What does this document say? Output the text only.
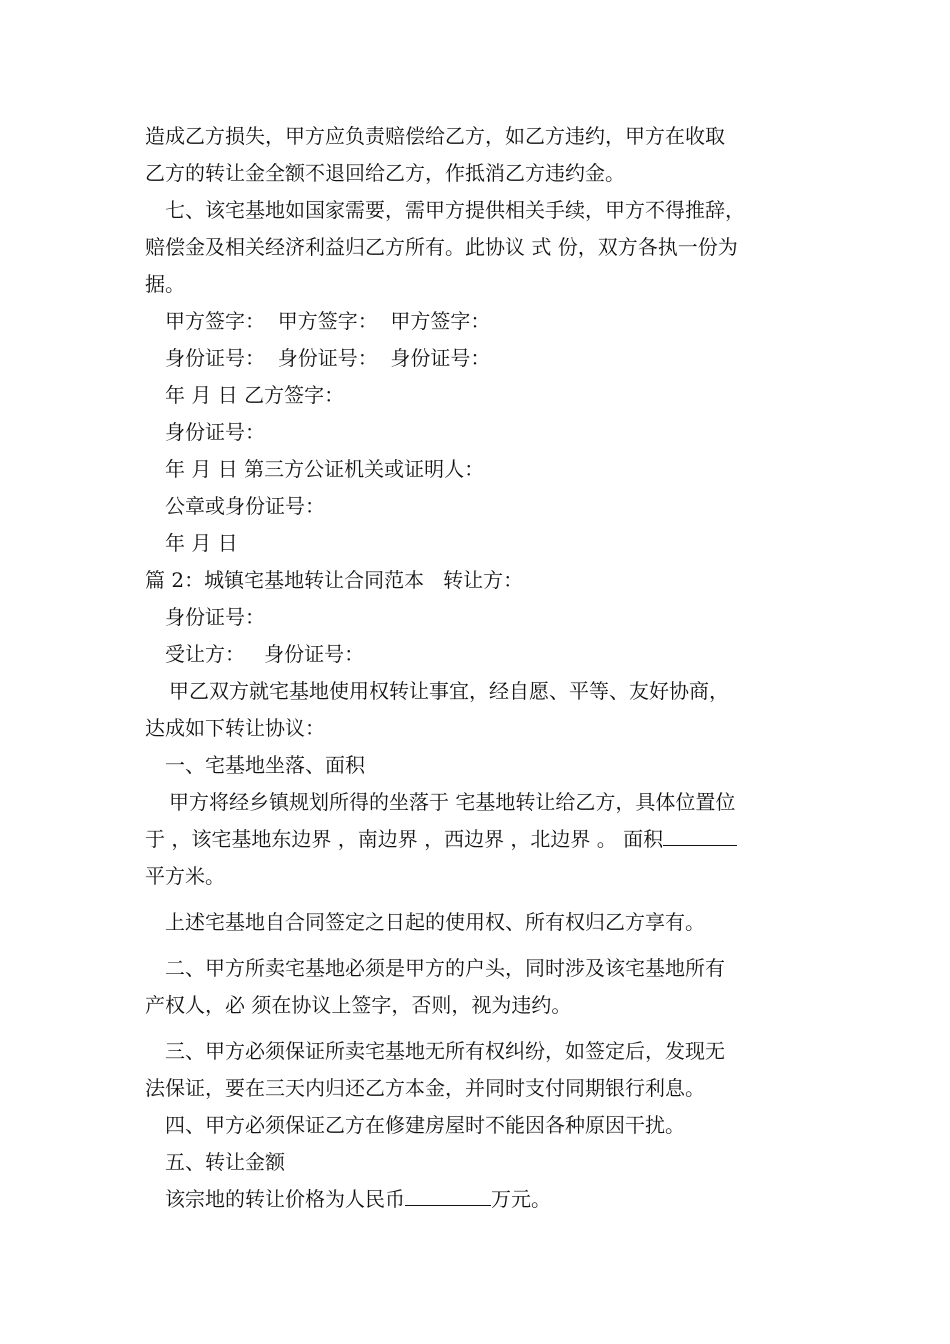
造成乙方损失，甲方应负责赔偿给乙方，如乙方违约，甲方在收取

乙方的转让金全额不退回给乙方，作抵消乙方违约金。

七、该宅基地如国家需要，需甲方提供相关手续，甲方不得推辞，

赔偿金及相关经济利益归乙方所有。此协议 式 份，双方各执一份为

据。

甲方签字：  甲方签字：  甲方签字：

身份证号：  身份证号：  身份证号：

年 月 日 乙方签字：

身份证号：

年 月 日 第三方公证机关或证明人：

公章或身份证号：

年 月 日

篇 2：城镇宅基地转让合同范本   转让方：

身份证号：

受让方：   身份证号：

甲乙双方就宅基地使用权转让事宜，经自愿、平等、友好协商，

达成如下转让协议：

一、宅基地坐落、面积

甲方将经乡镇规划所得的坐落于 宅基地转让给乙方，具体位置位

于 ，该宅基地东边界 ，南边界 ，西边界 ，北边界 。 面积

平方米。

上述宅基地自合同签定之日起的使用权、所有权归乙方享有。

二、甲方所卖宅基地必须是甲方的户头，同时涉及该宅基地所有

产权人，必 须在协议上签字，否则，视为违约。

三、甲方必须保证所卖宅基地无所有权纠纷，如签定后，发现无

法保证，要在三天内归还乙方本金，并同时支付同期银行利息。

四、甲方必须保证乙方在修建房屋时不能因各种原因干扰。

五、转让金额

该宗地的转让价格为人民币	万元。
